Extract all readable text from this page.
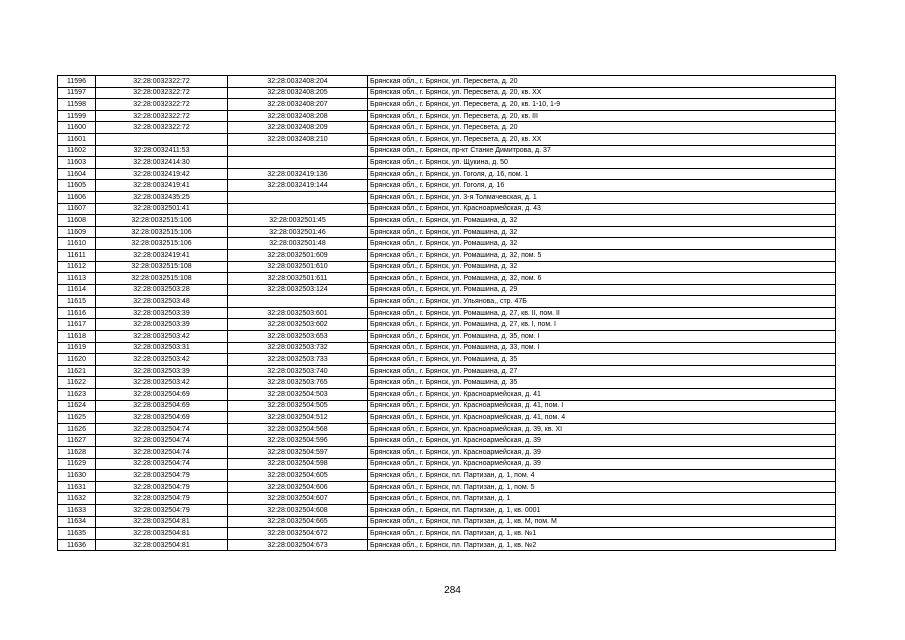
11596	32:28:0032322:72	32:28:0032408:204	Брянская обл., г. Брянск, ул. Пересвета, д. 20
11597	32:28:0032322:72	32:28:0032408:205	Брянская обл., г. Брянск, ул. Пересвета, д. 20, кв. XX
11598	32:28:0032322:72	32:28:0032408:207	Брянская обл., г. Брянск, ул. Пересвета, д. 20, кв. 1-10, 1-9
11599	32:28:0032322:72	32:28:0032408:208	Брянская обл., г. Брянск, ул. Пересвета, д. 20, кв. III
11600	32:28:0032322:72	32:28:0032408:209	Брянская обл., г. Брянск, ул. Пересвета, д. 20
11601		32:28:0032408:210	Брянская обл., г. Брянск, ул. Пересвета, д. 20, кв. XX
11602	32:28:0032411:53		Брянская обл., г. Брянск, пр-кт Станке Димитрова, д. 37
11603	32:28:0032414:30		Брянская обл., г. Брянск, ул. Щукина, д. 50
11604	32:28:0032419:42	32:28:0032419:136	Брянская обл., г. Брянск, ул. Гоголя, д. 16, пом. 1
11605	32:28:0032419:41	32:28:0032419:144	Брянская обл., г. Брянск, ул. Гоголя, д. 16
11606	32:28:0032435:25		Брянская обл., г. Брянск, ул. 3-я Толмачевская, д. 1
11607	32:28:0032501:41		Брянская обл., г. Брянск, ул. Красноармейская, д. 43
11608	32:28:0032515:106	32:28:0032501:45	Брянская обл., г. Брянск, ул. Ромашина, д. 32
11609	32:28:0032515:106	32:28:0032501:46	Брянская обл., г. Брянск, ул. Ромашина, д. 32
11610	32:28:0032515:106	32:28:0032501:48	Брянская обл., г. Брянск, ул. Ромашина, д. 32
11611	32:28:0032419:41	32:28:0032501:609	Брянская обл., г. Брянск, ул. Ромашина, д. 32, пом. 5
11612	32:28:0032515:108	32:28:0032501:610	Брянская обл., г. Брянск, ул. Ромашина, д. 32
11613	32:28:0032515:108	32:28:0032501:611	Брянская обл., г. Брянск, ул. Ромашина, д. 32, пом. 6
11614	32:28:0032503:28	32:28:0032503:124	Брянская обл., г. Брянск, ул. Ромашина, д. 29
11615	32:28:0032503:48		Брянская обл., г. Брянск, ул. Ульянова,, стр. 47Б
11616	32:28:0032503:39	32:28:0032503:601	Брянская обл., г. Брянск, ул. Ромашина, д. 27, кв. II, пом. II
11617	32:28:0032503:39	32:28:0032503:602	Брянская обл., г. Брянск, ул. Ромашина, д. 27, кв. I, пом. I
11618	32:28:0032503:42	32:28:0032503:653	Брянская обл., г. Брянск, ул. Ромашина, д. 35, пом. I
11619	32:28:0032503:31	32:28:0032503:732	Брянская обл., г. Брянск, ул. Ромашина, д. 33, пом. I
11620	32:28:0032503:42	32:28:0032503:733	Брянская обл., г. Брянск, ул. Ромашина, д. 35
11621	32:28:0032503:39	32:28:0032503:740	Брянская обл., г. Брянск, ул. Ромашина, д. 27
11622	32:28:0032503:42	32:28:0032503:765	Брянская обл., г. Брянск, ул. Ромашина, д. 35
11623	32:28:0032504:69	32:28:0032504:503	Брянская обл., г. Брянск, ул. Красноармейская, д. 41
11624	32:28:0032504:69	32:28:0032504:505	Брянская обл., г. Брянск, ул. Красноармейская, д. 41, пом. I
11625	32:28:0032504:69	32:28:0032504:512	Брянская обл., г. Брянск, ул. Красноармейская, д. 41, пом. 4
11626	32:28:0032504:74	32:28:0032504:568	Брянская обл., г. Брянск, ул. Красноармейская, д. 39, кв. XI
11627	32:28:0032504:74	32:28:0032504:596	Брянская обл., г. Брянск, ул. Красноармейская, д. 39
11628	32:28:0032504:74	32:28:0032504:597	Брянская обл., г. Брянск, ул. Красноармейская, д. 39
11629	32:28:0032504:74	32:28:0032504:598	Брянская обл., г. Брянск, ул. Красноармейская, д. 39
11630	32:28:0032504:79	32:28:0032504:605	Брянская обл., г. Брянск, пл. Партизан, д. 1, пом. 4
11631	32:28:0032504:79	32:28:0032504:606	Брянская обл., г. Брянск, пл. Партизан, д. 1, пом. 5
11632	32:28:0032504:79	32:28:0032504:607	Брянская обл., г. Брянск, пл. Партизан, д. 1
11633	32:28:0032504:79	32:28:0032504:608	Брянская обл., г. Брянск, пл. Партизан, д. 1, кв. 0001
11634	32:28:0032504:81	32:28:0032504:665	Брянская обл., г. Брянск, пл. Партизан, д. 1, кв. М, пом. М
11635	32:28:0032504:81	32:28:0032504:672	Брянская обл., г. Брянск, пл. Партизан, д. 1, кв. №1
11636	32:28:0032504:81	32:28:0032504:673	Брянская обл., г. Брянск, пл. Партизан, д. 1, кв. №2
284
